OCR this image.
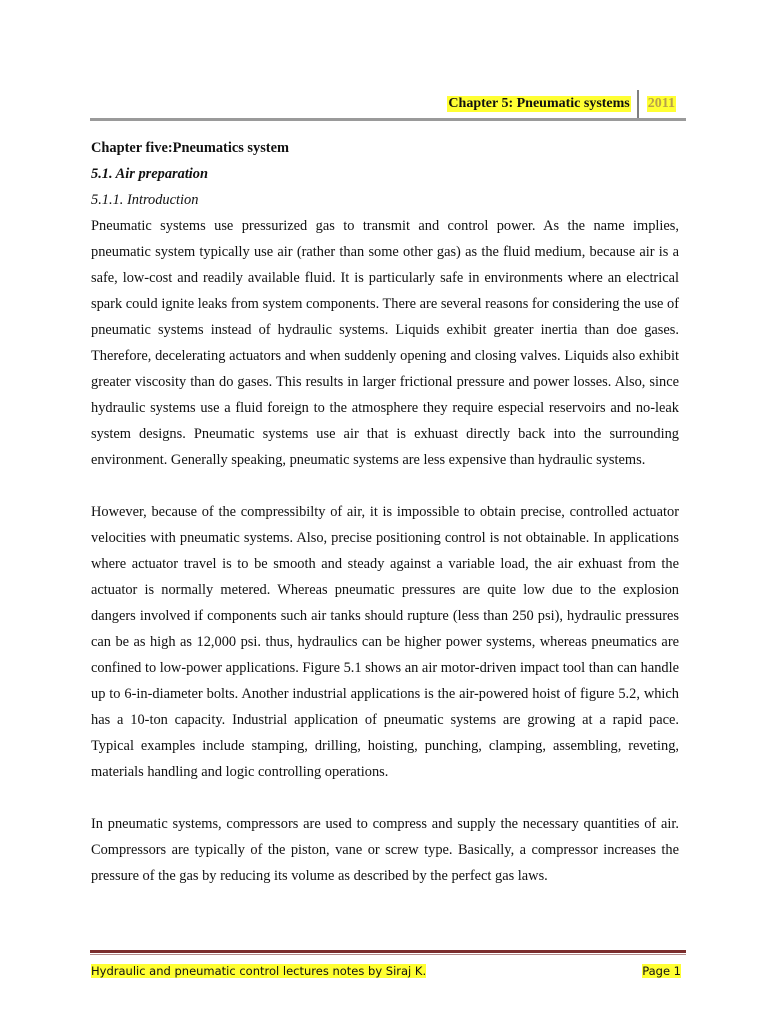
Chapter 5: Pneumatic systems 2011

Chapter five:Pneumatics system

5.1. Air preparation

5.1.1. Introduction

Pneumatic systems use pressurized gas to transmit and control power. As the name implies, pneumatic system typically use air (rather than some other gas) as the fluid medium, because air is a safe, low-cost and readily available fluid. It is particularly safe in environments where an electrical spark could ignite leaks from system components. There are several reasons for considering the use of pneumatic systems instead of hydraulic systems. Liquids exhibit greater inertia than doe gases. Therefore, decelerating actuators and when suddenly opening and closing valves. Liquids also exhibit greater viscosity than do gases. This results in larger frictional pressure and power losses. Also, since hydraulic systems use a fluid foreign to the atmosphere they require especial reservoirs and no-leak system designs. Pneumatic systems use air that is exhuast directly back into the surrounding environment. Generally speaking, pneumatic systems are less expensive than hydraulic systems.

However, because of the compressibilty of air, it is impossible to obtain precise, controlled actuator velocities with pneumatic systems. Also, precise positioning control is not obtainable. In applications where actuator travel is to be smooth and steady against a variable load, the air exhuast from the actuator is normally metered. Whereas pneumatic pressures are quite low due to the explosion dangers involved if components such air tanks should rupture (less than 250 psi), hydraulic pressures can be as high as 12,000 psi. thus, hydraulics can be higher power systems, whereas pneumatics are confined to low-power applications. Figure 5.1 shows an air motor-driven impact tool than can handle up to 6-in-diameter bolts. Another industrial applications is the air-powered hoist of figure 5.2, which has a 10-ton capacity. Industrial application of pneumatic systems are growing at a rapid pace. Typical examples include stamping, drilling, hoisting, punching, clamping, assembling, reveting, materials handling and logic controlling operations.

In pneumatic systems, compressors are used to compress and supply the necessary quantities of air. Compressors are typically of the piston, vane or screw type. Basically, a compressor increases the pressure of the gas by reducing its volume as described by the perfect gas laws.

Hydraulic and pneumatic control lectures notes by Siraj K.	Page 1
